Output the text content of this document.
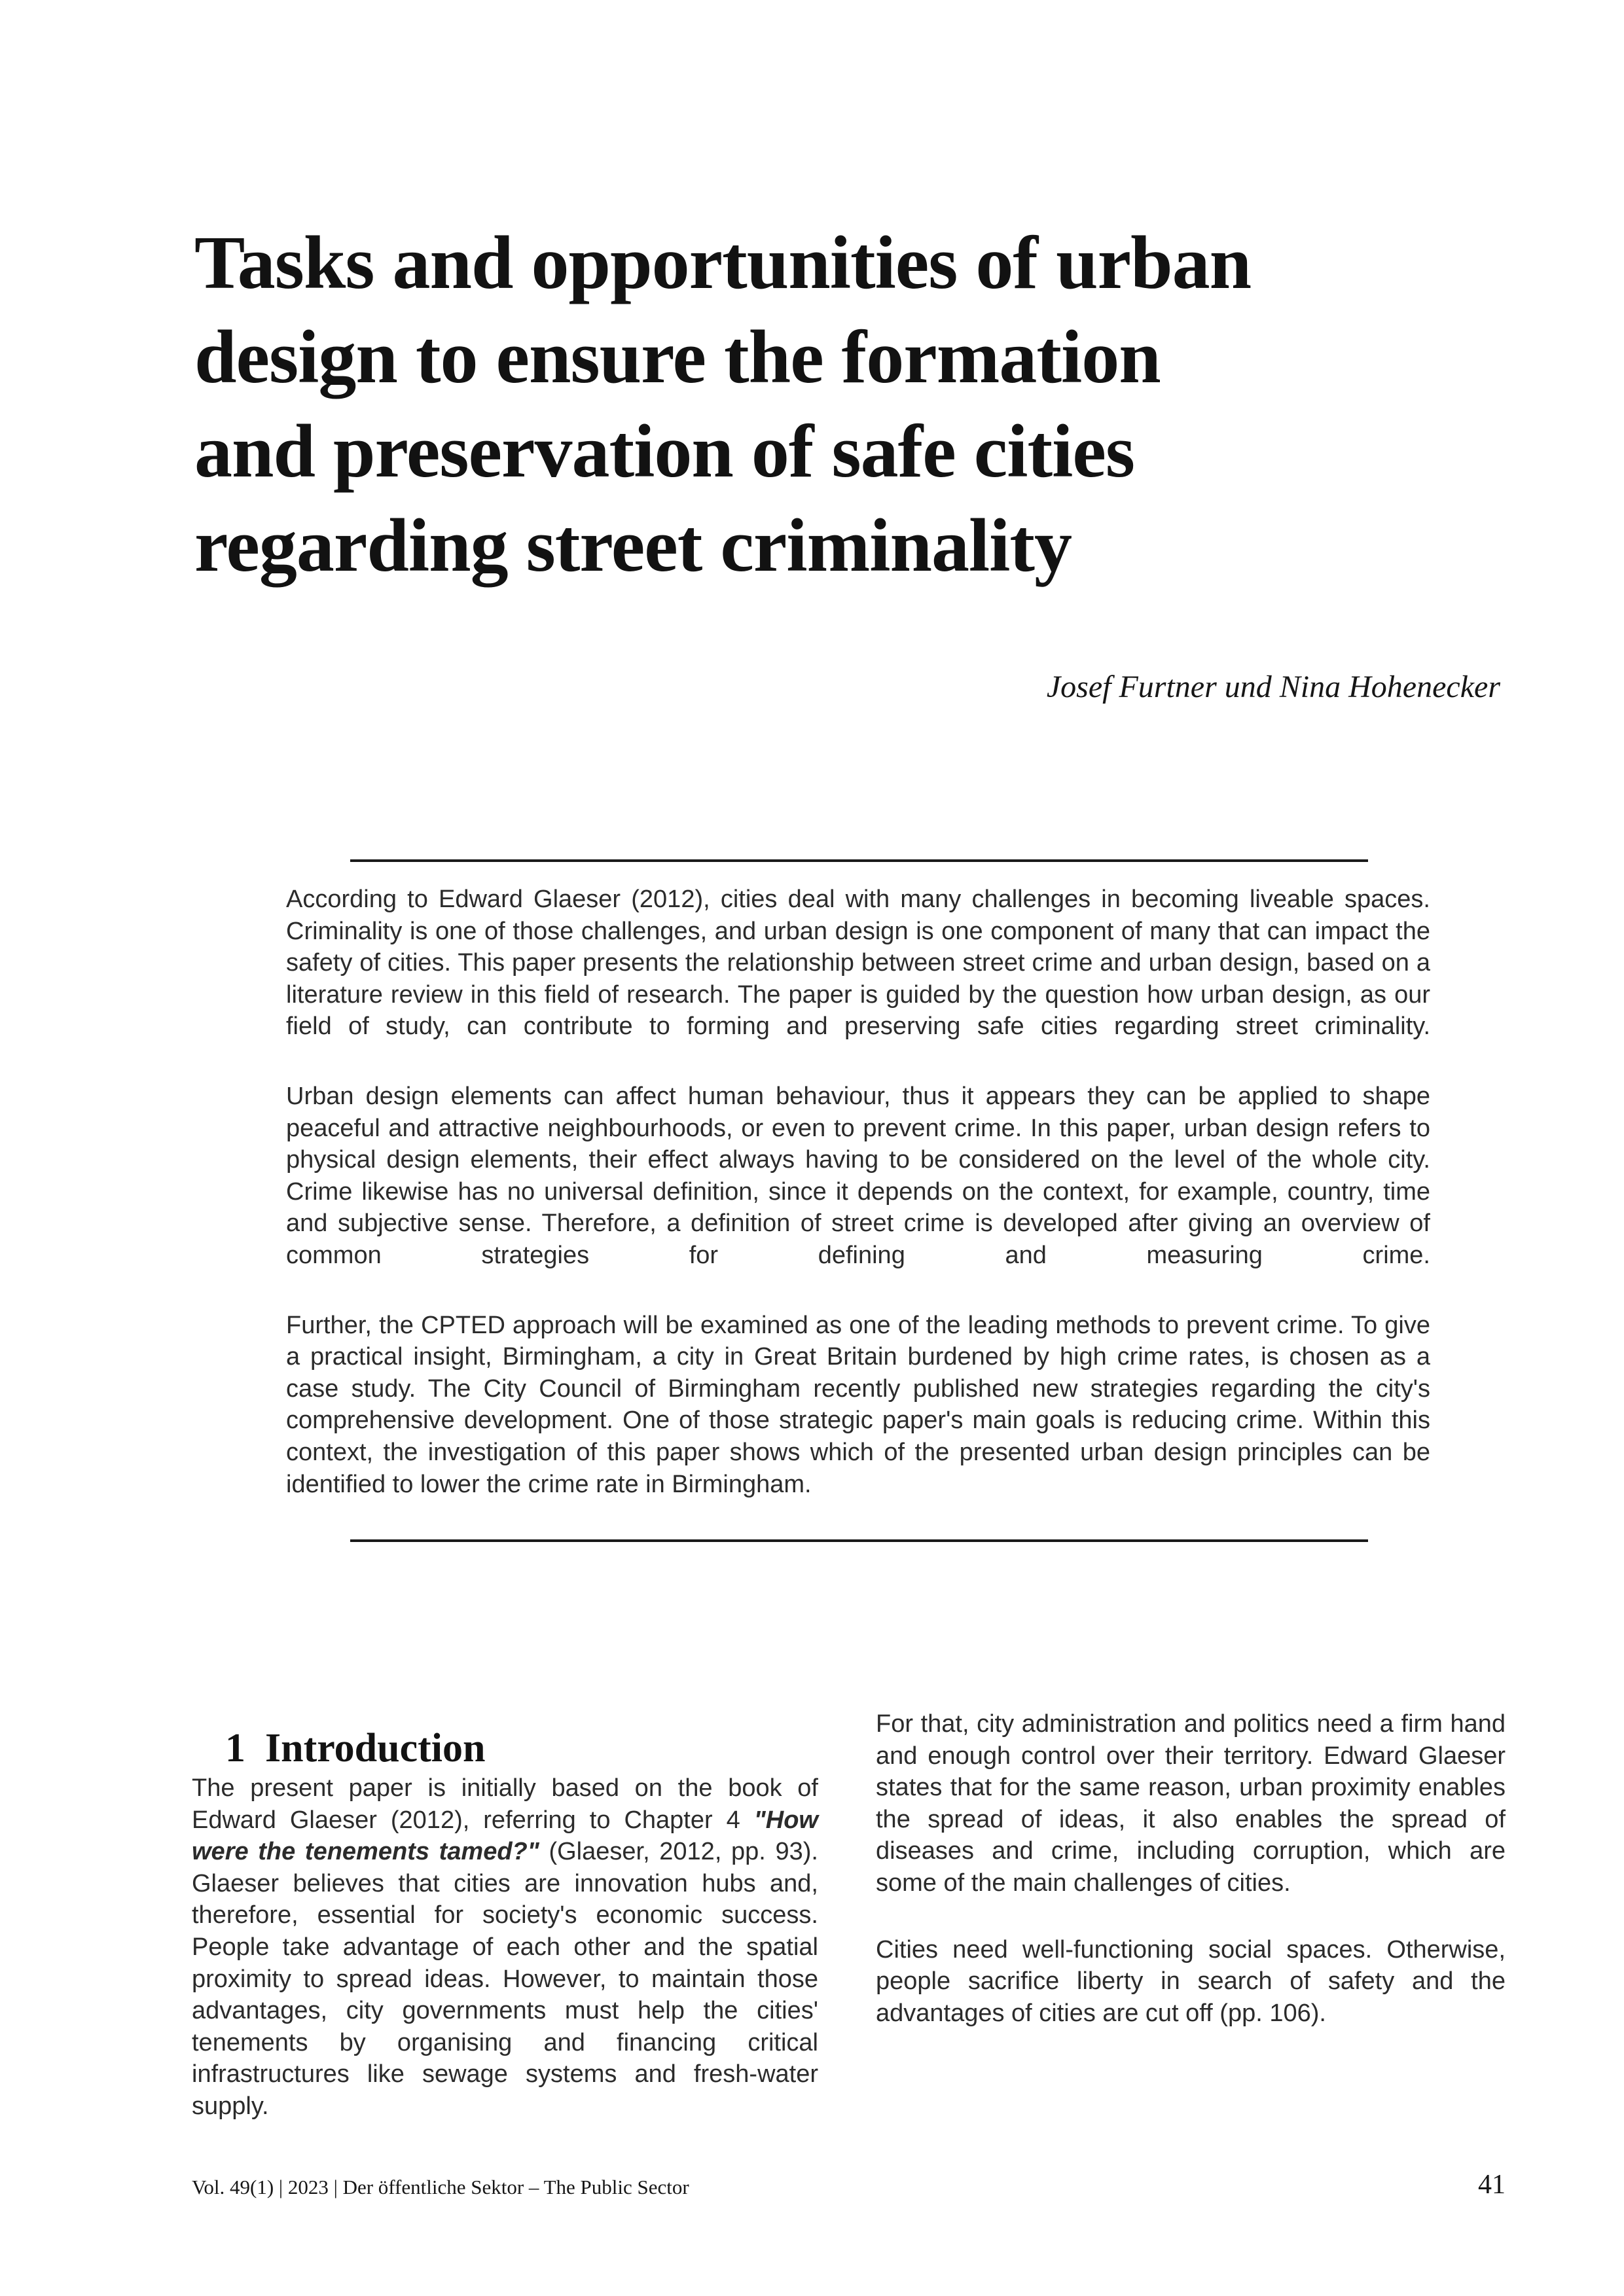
Tasks and opportunities of urban
design to ensure the formation
and preservation of safe cities
regarding street criminality
Josef Furtner und Nina Hohenecker

According to Edward Glaeser (2012), cities deal with many challenges in becoming liveable spaces. Criminality is one of those challenges, and urban design is one component of many that can impact the safety of cities. This paper presents the relationship between street crime and urban design, based on a literature review in this field of research. The paper is guided by the question how urban design, as our field of study, can contribute to forming and preserving safe cities regarding street criminality.

Urban design elements can affect human behaviour, thus it appears they can be applied to shape peaceful and attractive neighbourhoods, or even to prevent crime. In this paper, urban design refers to physical design elements, their effect always having to be considered on the level of the whole city. Crime likewise has no universal definition, since it depends on the context, for example, country, time and subjective sense. Therefore, a definition of street crime is developed after giving an overview of common strategies for defining and measuring crime.

Further, the CPTED approach will be examined as one of the leading methods to prevent crime. To give a practical insight, Birmingham, a city in Great Britain burdened by high crime rates, is chosen as a case study. The City Council of Birmingham recently published new strategies regarding the city's comprehensive development. One of those strategic paper's main goals is reducing crime. Within this context, the investigation of this paper shows which of the presented urban design principles can be identified to lower the crime rate in Birmingham.

1 Introduction

The present paper is initially based on the book of Edward Glaeser (2012), referring to Chapter 4 "How were the tenements tamed?" (Glaeser, 2012, pp. 93). Glaeser believes that cities are innovation hubs and, therefore, essential for society's economic success. People take advantage of each other and the spatial proximity to spread ideas. However, to maintain those advantages, city governments must help the cities' tenements by organising and financing critical infrastructures like sewage systems and fresh-water supply.

For that, city administration and politics need a firm hand and enough control over their territory. Edward Glaeser states that for the same reason, urban proximity enables the spread of ideas, it also enables the spread of diseases and crime, including corruption, which are some of the main challenges of cities.

Cities need well-functioning social spaces. Otherwise, people sacrifice liberty in search of safety and the advantages of cities are cut off (pp. 106).

Vol. 49(1) | 2023 | Der öffentliche Sektor – The Public Sector	41
